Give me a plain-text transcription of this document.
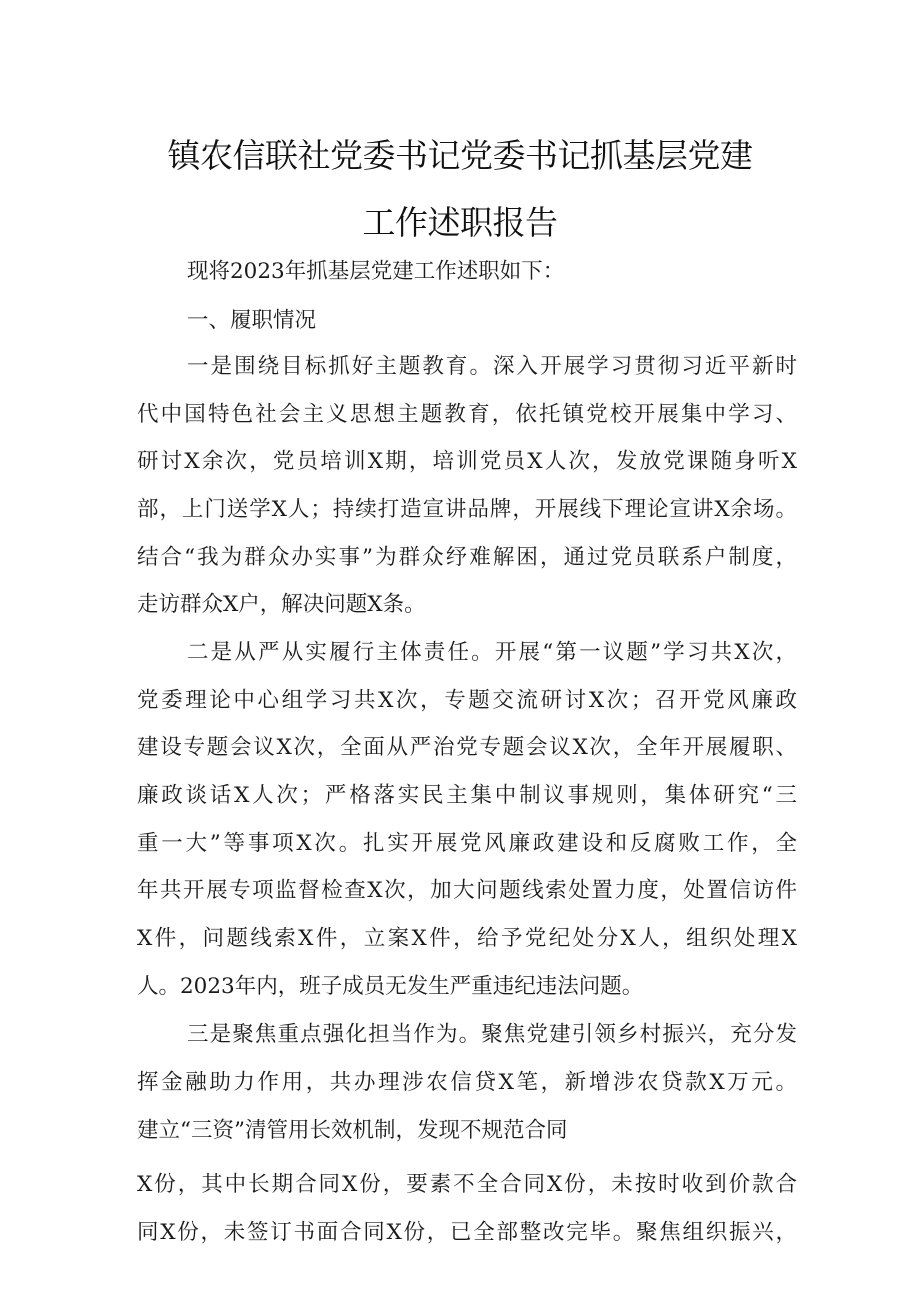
镇农信联社党委书记党委书记抓基层党建
工作述职报告
现将2023年抓基层党建工作述职如下：
一、履职情况
一是围绕目标抓好主题教育。深入开展学习贯彻习近平新时
代中国特色社会主义思想主题教育，依托镇党校开展集中学习、
研讨X余次，党员培训X期，培训党员X人次，发放党课随身听X
部，上门送学X人；持续打造宣讲品牌，开展线下理论宣讲X余场。
结合“我为群众办实事”为群众纾难解困，通过党员联系户制度，
走访群众X户，解决问题X条。
二是从严从实履行主体责任。开展“第一议题”学习共X次，
党委理论中心组学习共X次，专题交流研讨X次；召开党风廉政
建设专题会议X次，全面从严治党专题会议X次，全年开展履职、
廉政谈话X人次；严格落实民主集中制议事规则，集体研究“三
重一大”等事项X次。扎实开展党风廉政建设和反腐败工作，全
年共开展专项监督检查X次，加大问题线索处置力度，处置信访件
X件，问题线索X件，立案X件，给予党纪处分X人，组织处理X
人。2023年内，班子成员无发生严重违纪违法问题。
三是聚焦重点强化担当作为。聚焦党建引领乡村振兴，充分发
挥金融助力作用，共办理涉农信贷X笔，新增涉农贷款X万元。
建立“三资”清管用长效机制，发现不规范合同
X份，其中长期合同X份，要素不全合同X份，未按时收到价款合
同X份，未签订书面合同X份，已全部整改完毕。聚焦组织振兴，
